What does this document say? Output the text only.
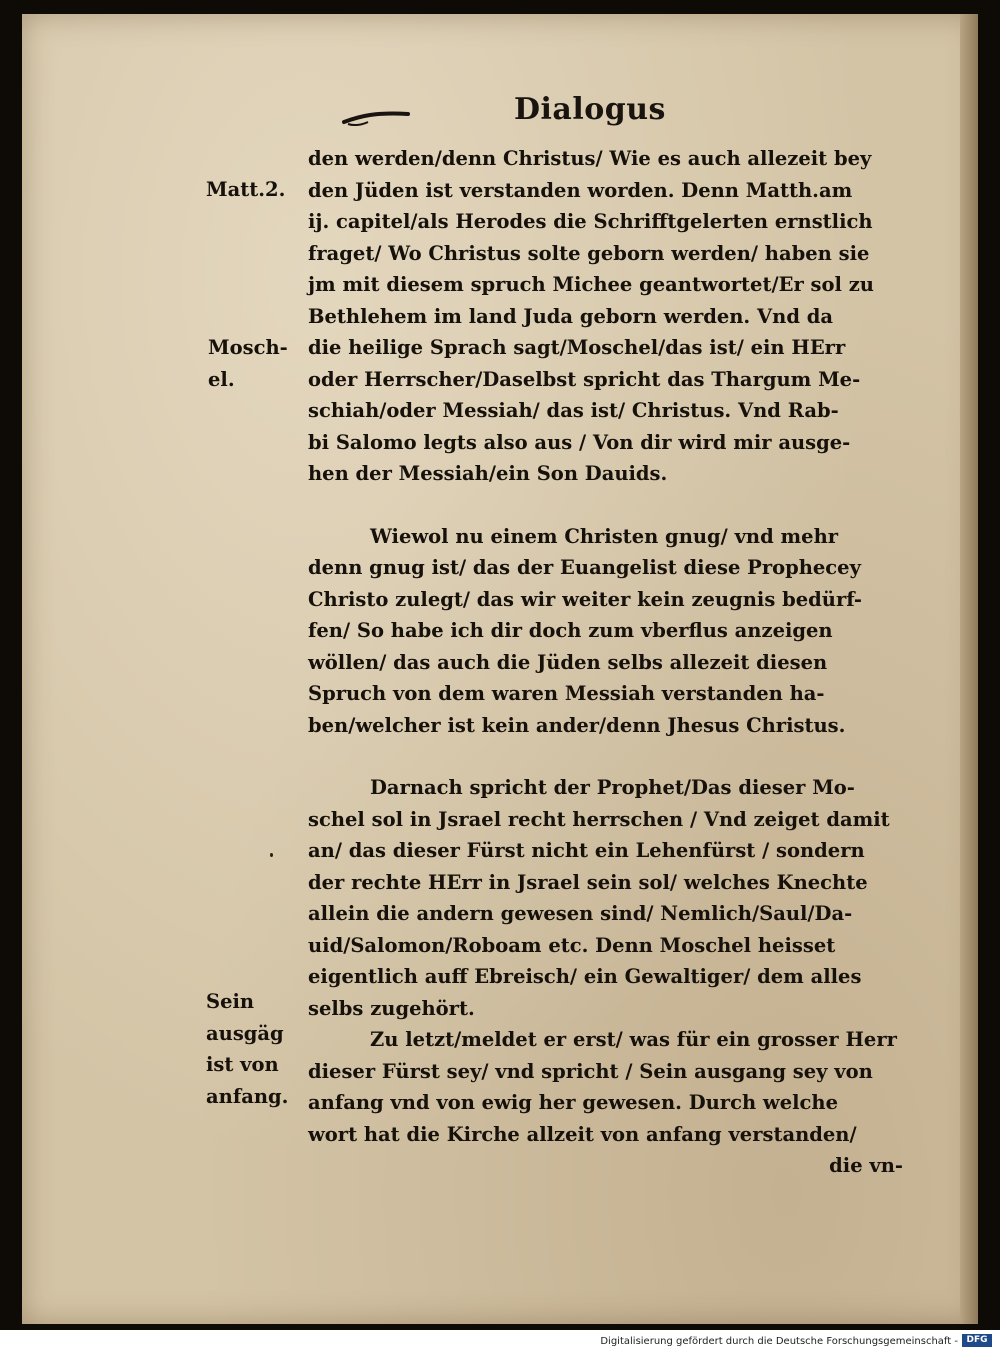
Dialogus
den werden/denn Christus/ Wie es auch allezeit bey
den Jüden ist verstanden worden. Denn Matth.am
ij. capitel/als Herodes die Schrifftgelerten ernstlich
fraget/ Wo Christus solte geborn werden/ haben sie
jm mit diesem spruch Michee geantwortet/Er sol zu
Bethlehem im land Juda geborn werden. Vnd da
die heilige Sprach sagt/Moschel/das ist/ ein HErr
oder Herrscher/Daselbst spricht das Thargum Me-
schiah/oder Messiah/ das ist/ Christus. Vnd Rab-
bi Salomo legts also aus / Von dir wird mir ausge-
hen der Messiah/ein Son Dauids.
Wiewol nu einem Christen gnug/ vnd mehr
denn gnug ist/ das der Euangelist diese Prophecey
Christo zulegt/ das wir weiter kein zeugnis bedürf-
fen/ So habe ich dir doch zum vberflus anzeigen
wöllen/ das auch die Jüden selbs allezeit diesen
Spruch von dem waren Messiah verstanden ha-
ben/welcher ist kein ander/denn Jhesus Christus.
Darnach spricht der Prophet/Das dieser Mo-
schel sol in Jsrael recht herrschen / Vnd zeiget damit
an/ das dieser Fürst nicht ein Lehenfürst / sondern
der rechte HErr in Jsrael sein sol/ welches Knechte
allein die andern gewesen sind/ Nemlich/Saul/Da-
uid/Salomon/Roboam etc. Denn Moschel heisset
eigentlich auff Ebreisch/ ein Gewaltiger/ dem alles
selbs zugehört.
Zu letzt/meldet er erst/ was für ein grosser Herr
dieser Fürst sey/ vnd spricht / Sein ausgang sey von
anfang vnd von ewig her gewesen. Durch welche
wort hat die Kirche allzeit von anfang verstanden/
die vn-
Matt.2.
Mosch-
el.
Sein
ausgäg
ist von
anfang.
Digitalisierung gefördert durch die Deutsche Forschungsgemeinschaft - DFG
